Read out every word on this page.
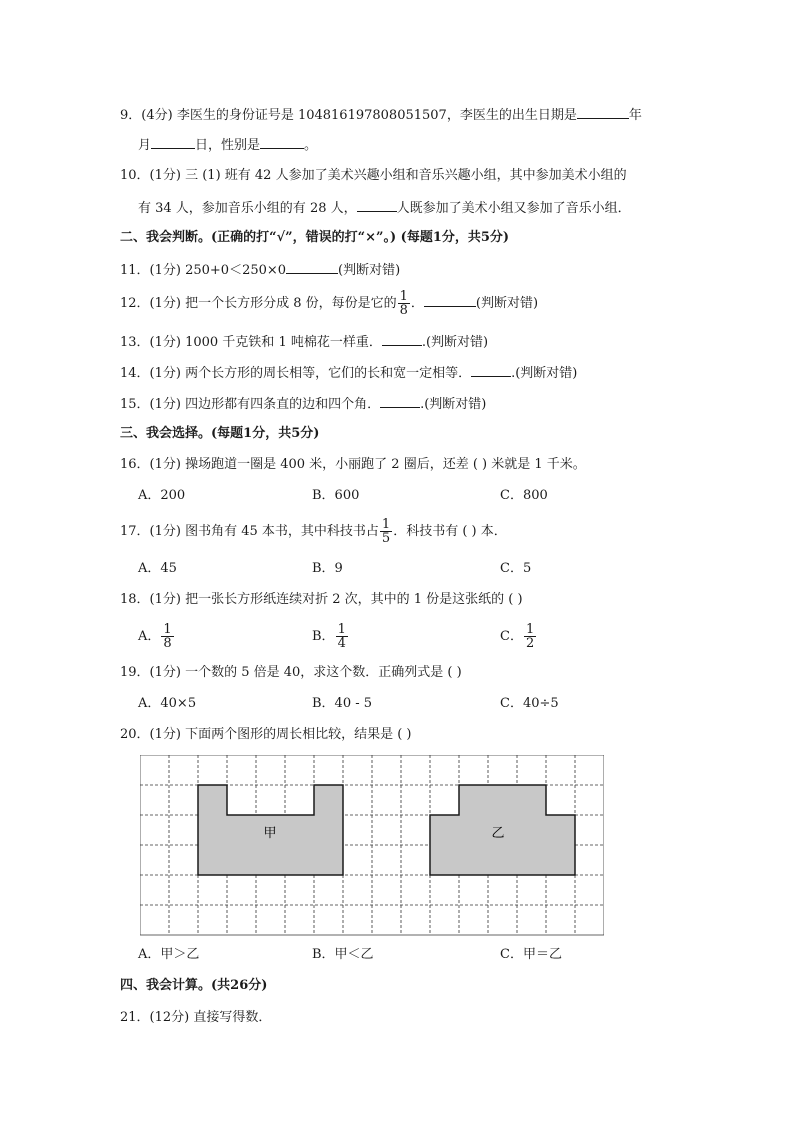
9．(4分) 李医生的身份证号是 104816197808051507，李医生的出生日期是	年
月	日，性别是	。
10．(1分) 三 (1) 班有 42 人参加了美术兴趣小组和音乐兴趣小组，其中参加美术小组的
有 34 人，参加音乐小组的有 28 人，	人既参加了美术小组又参加了音乐小组．
二、我会判断。(正确的打“√”，错误的打“×”。) (每题1分，共5分)
11．(1分) 250+0＜250×0	(判断对错)
12．(1分) 把一个长方形分成 8 份，每份是它的 $\frac{1}{8}$ ．	(判断对错)
13．(1分) 1000 千克铁和 1 吨棉花一样重．	.(判断对错)
14．(1分) 两个长方形的周长相等，它们的长和宽一定相等．	.(判断对错)
15．(1分) 四边形都有四条直的边和四个角．	.(判断对错)
三、我会选择。(每题1分，共5分)
16．(1分) 操场跑道一圈是 400 米，小丽跑了 2 圈后，还差 ( ) 米就是 1 千米。
A．200	B．600	C．800
17．(1分) 图书角有 45 本书，其中科技书占 $\frac{1}{5}$ ．科技书有 ( ) 本．
A．45	B．9	C．5
18．(1分) 把一张长方形纸连续对折 2 次，其中的 1 份是这张纸的 ( )
A． $\frac{1}{8}$	B． $\frac{1}{4}$	C． $\frac{1}{2}$
19．(1分) 一个数的 5 倍是 40，求这个数．正确列式是 ( )
A．40×5	B．40 - 5	C．40÷5
20．(1分) 下面两个图形的周长相比较，结果是 ( )
甲	乙
A．甲＞乙	B．甲＜乙	C．甲＝乙
四、我会计算。(共26分)
21．(12分) 直接写得数．
